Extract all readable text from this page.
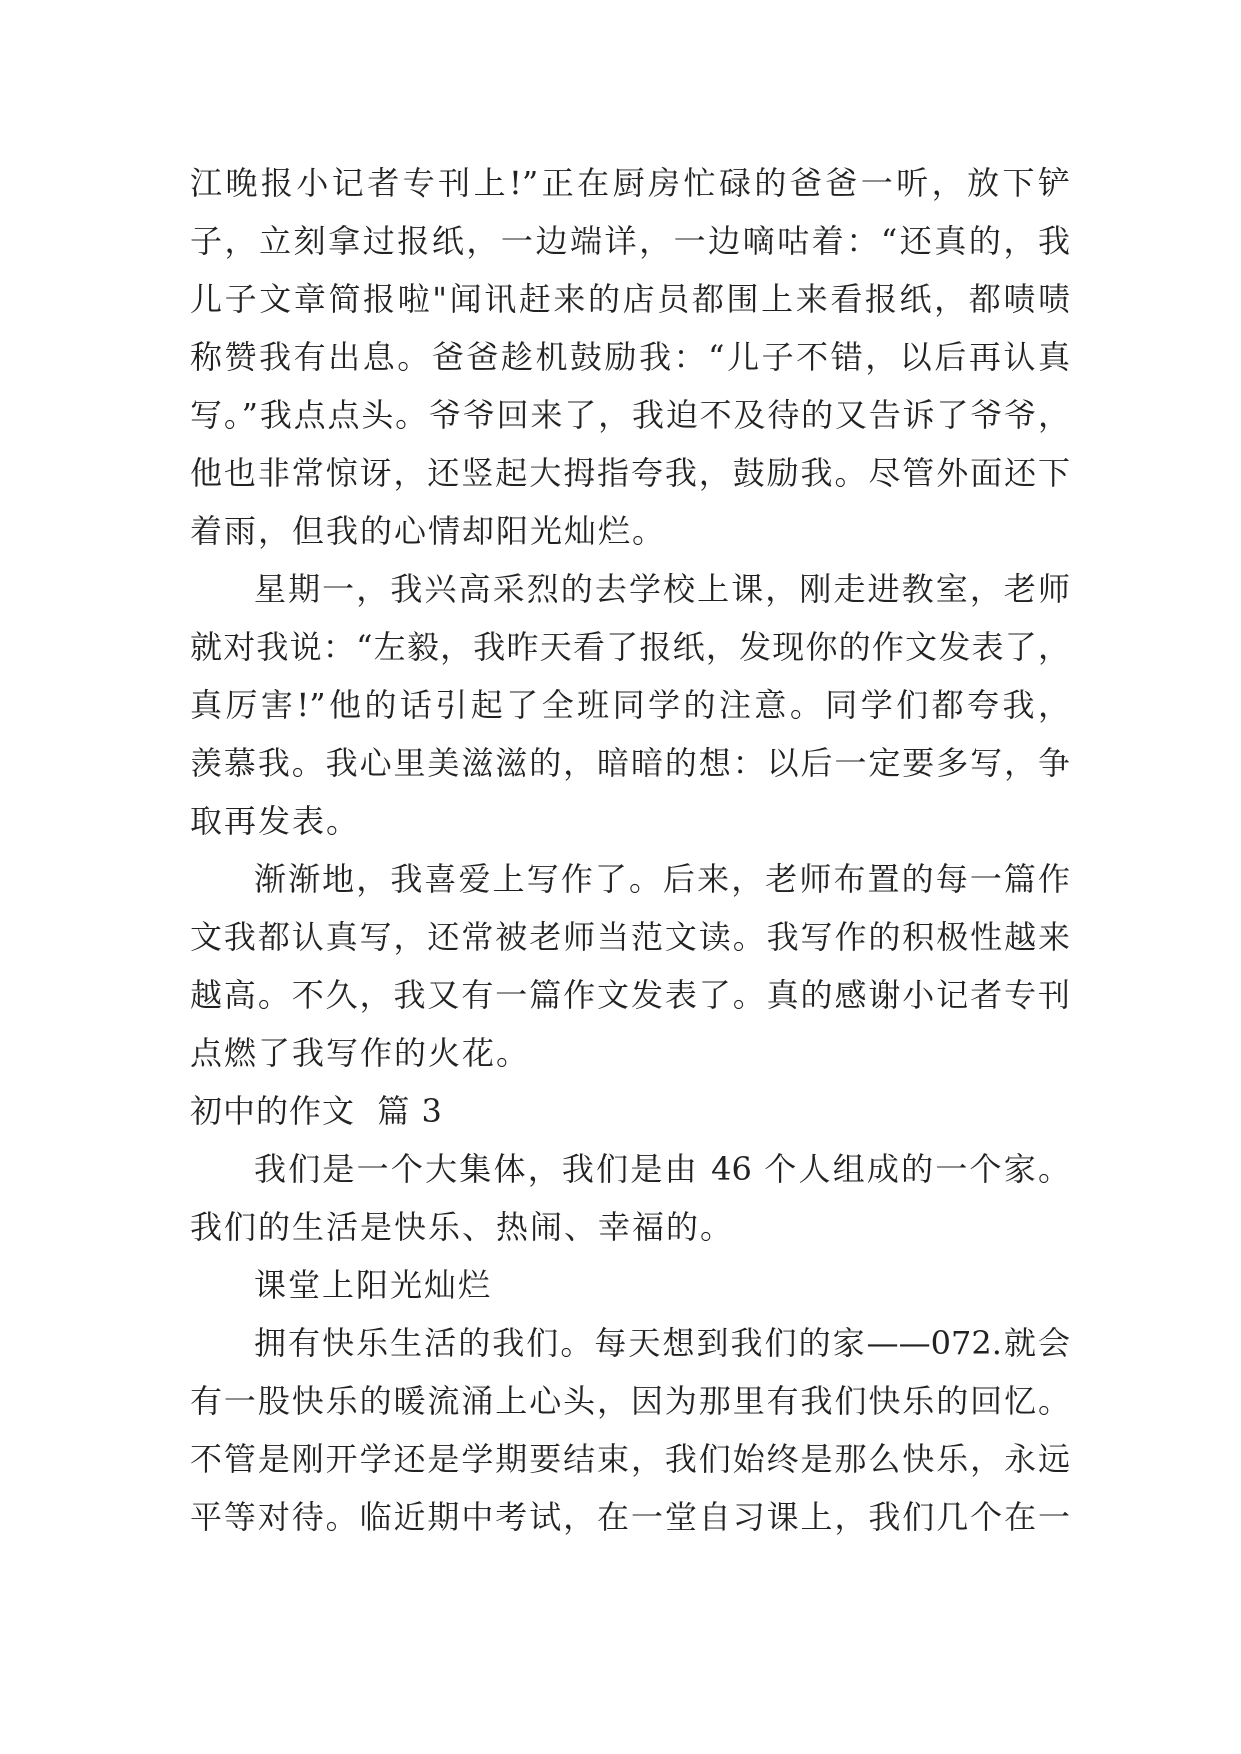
江晚报小记者专刊上!”正在厨房忙碌的爸爸一听，放下铲
子，立刻拿过报纸，一边端详，一边嘀咕着：“还真的，我
儿子文章简报啦"闻讯赶来的店员都围上来看报纸，都啧啧
称赞我有出息。爸爸趁机鼓励我：“儿子不错，以后再认真
写。”我点点头。爷爷回来了，我迫不及待的又告诉了爷爷，
他也非常惊讶，还竖起大拇指夸我，鼓励我。尽管外面还下
着雨，但我的心情却阳光灿烂。
星期一，我兴高采烈的去学校上课，刚走进教室，老师
就对我说：“左毅，我昨天看了报纸，发现你的作文发表了，
真厉害!”他的话引起了全班同学的注意。同学们都夸我，
羡慕我。我心里美滋滋的，暗暗的想：以后一定要多写，争
取再发表。
渐渐地，我喜爱上写作了。后来，老师布置的每一篇作
文我都认真写，还常被老师当范文读。我写作的积极性越来
越高。不久，我又有一篇作文发表了。真的感谢小记者专刊
点燃了我写作的火花。
初中的作文  篇 3
我们是一个大集体，我们是由 46 个人组成的一个家。
我们的生活是快乐、热闹、幸福的。
课堂上阳光灿烂
拥有快乐生活的我们。每天想到我们的家——072.就会
有一股快乐的暖流涌上心头，因为那里有我们快乐的回忆。
不管是刚开学还是学期要结束，我们始终是那么快乐，永远
平等对待。临近期中考试，在一堂自习课上，我们几个在一
